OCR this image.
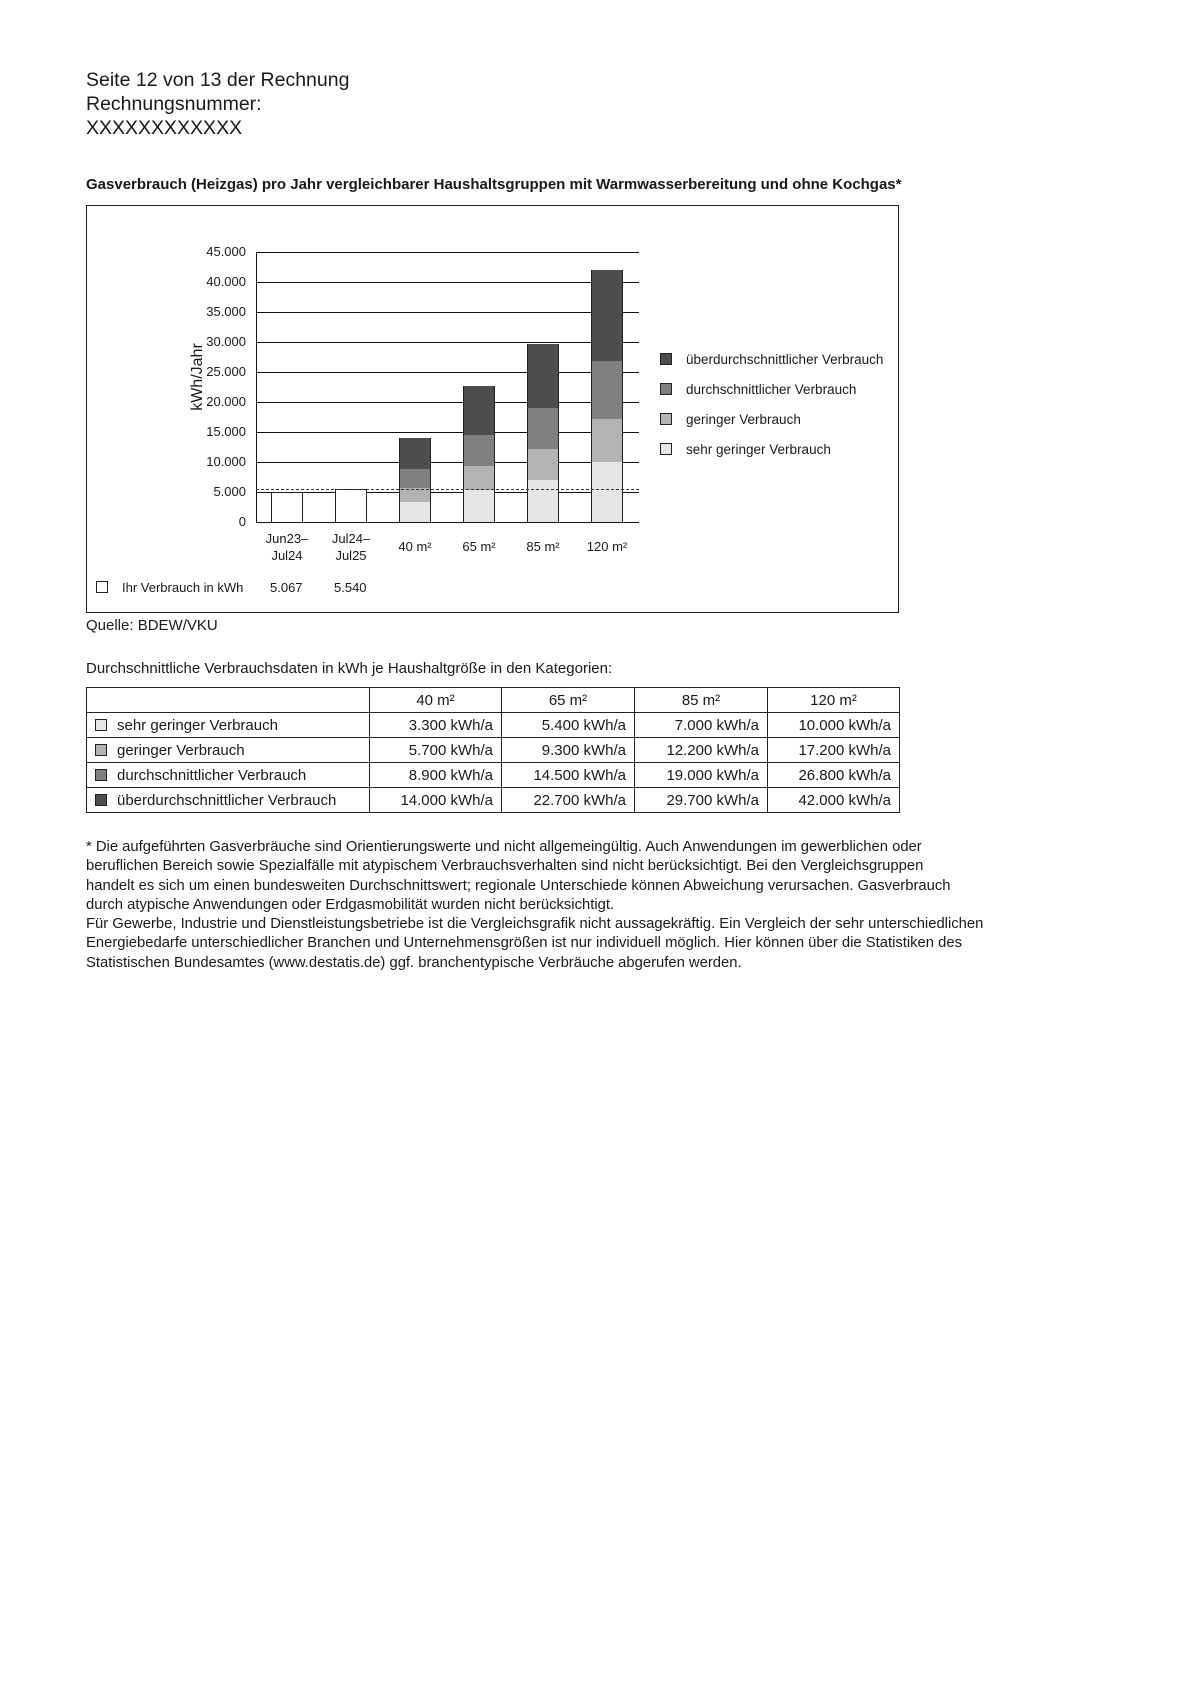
Seite 12 von 13 der Rechnung
Rechnungsnummer:
XXXXXXXXXXXX
Gasverbrauch (Heizgas) pro Jahr vergleichbarer Haushaltsgruppen mit Warmwasserbereitung und ohne Kochgas*
kWh/Jahr
45.000
40.000
35.000
30.000
25.000
20.000
15.000
10.000
5.000
0
Jun23–
Jul24
Jul24–
Jul25
40 m²	65 m²	85 m²	120 m²
überdurchschnittlicher Verbrauch
durchschnittlicher Verbrauch
geringer Verbrauch
sehr geringer Verbrauch
Ihr Verbrauch in kWh 5.067 5.540
Quelle: BDEW/VKU
Durchschnittliche Verbrauchsdaten in kWh je Haushaltgröße in den Kategorien:
	40 m²	65 m²	85 m²	120 m²
sehr geringer Verbrauch	3.300 kWh/a	5.400 kWh/a	7.000 kWh/a	10.000 kWh/a
geringer Verbrauch	5.700 kWh/a	9.300 kWh/a	12.200 kWh/a	17.200 kWh/a
durchschnittlicher Verbrauch	8.900 kWh/a	14.500 kWh/a	19.000 kWh/a	26.800 kWh/a
überdurchschnittlicher Verbrauch	14.000 kWh/a	22.700 kWh/a	29.700 kWh/a	42.000 kWh/a
* Die aufgeführten Gasverbräuche sind Orientierungswerte und nicht allgemeingültig. Auch Anwendungen im gewerblichen oder
beruflichen Bereich sowie Spezialfälle mit atypischem Verbrauchsverhalten sind nicht berücksichtigt. Bei den Vergleichsgruppen
handelt es sich um einen bundesweiten Durchschnittswert; regionale Unterschiede können Abweichung verursachen. Gasverbrauch
durch atypische Anwendungen oder Erdgasmobilität wurden nicht berücksichtigt.
Für Gewerbe, Industrie und Dienstleistungsbetriebe ist die Vergleichsgrafik nicht aussagekräftig. Ein Vergleich der sehr unterschiedlichen
Energiebedarfe unterschiedlicher Branchen und Unternehmensgrößen ist nur individuell möglich. Hier können über die Statistiken des
Statistischen Bundesamtes (www.destatis.de) ggf. branchentypische Verbräuche abgerufen werden.
